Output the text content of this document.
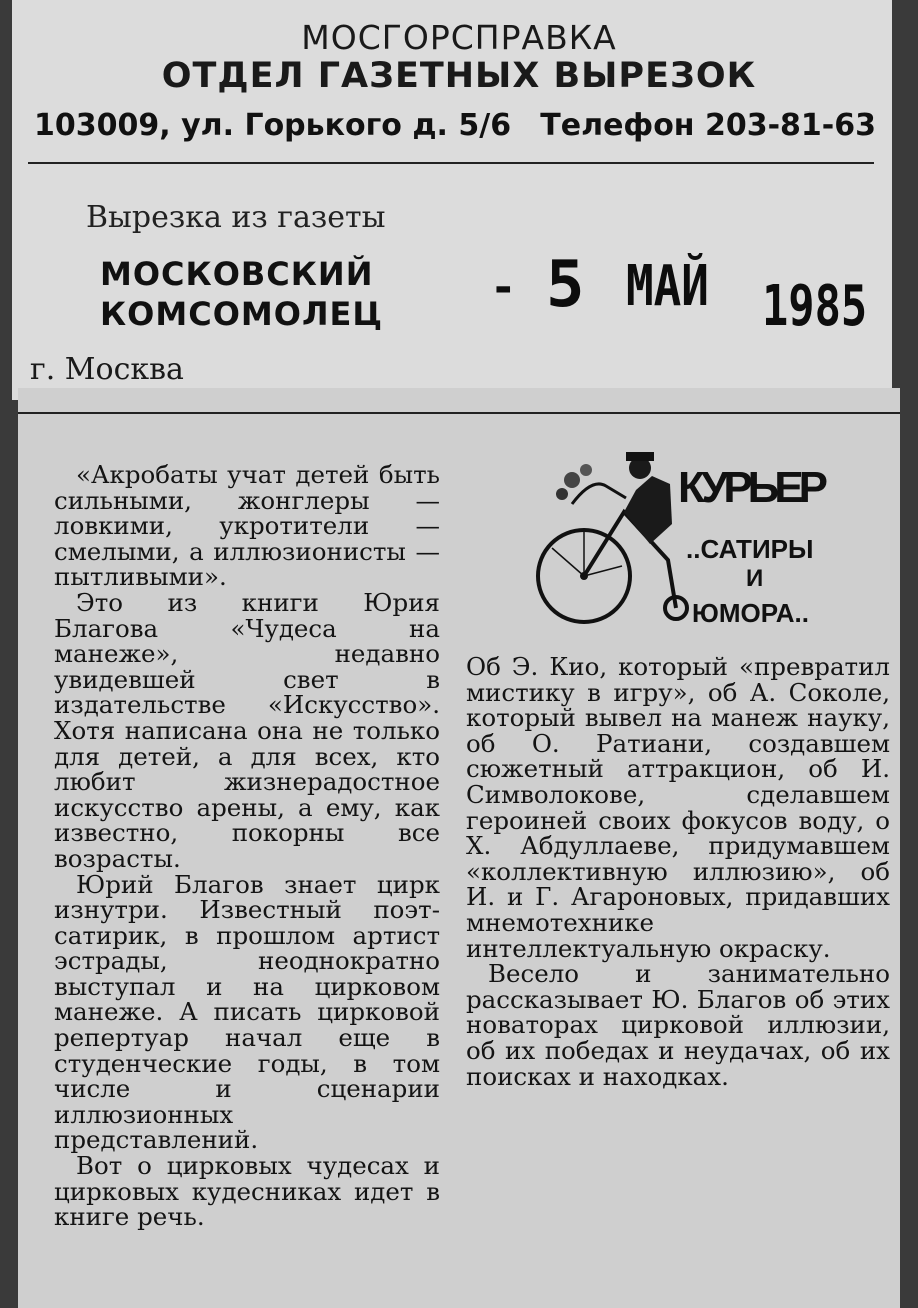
МОСГОРСПРАВКА
ОТДЕЛ ГАЗЕТНЫХ ВЫРЕЗОК
103009, ул. Горького д. 5/6 Телефон 203-81-63
Вырезка из газеты
МОСКОВСКИЙ
КОМСОМОЛЕЦ
- 5 МАЙ 1985
г. Москва
КУРЬЕР
..САТИРЫ
И
ЮМОРА..

«Акробаты учат детей быть сильными, жонглеры — ловкими, укротители — смелыми, а иллюзионисты — пытливыми».

Это из книги Юрия Благова «Чудеса на манеже», недавно увидевшей свет в издательстве «Искусство». Хотя написана она не только для детей, а для всех, кто любит жизнерадостное искусство арены, а ему, как известно, покорны все возрасты.

Юрий Благов знает цирк изнутри. Известный поэт-сатирик, в прошлом артист эстрады, неоднократно выступал и на цирковом манеже. А писать цирковой репертуар начал еще в студенческие годы, в том числе и сценарии иллюзионных представлений.

Вот о цирковых чудесах и цирковых кудесниках идет в книге речь.

Об Э. Кио, который «превратил мистику в игру», об А. Соколе, который вывел на манеж науку, об О. Ратиани, создавшем сюжетный аттракцион, об И. Символоковe, сделавшем героиней своих фокусов воду, о Х. Абдуллаеве, придумавшем «коллективную иллюзию», об И. и Г. Агароновых, придавших мнемотехнике интеллектуальную окраску.

Весело и занимательно рассказывает Ю. Благов об этих новаторах цирковой иллюзии, об их победах и неудачах, об их поисках и находках.
